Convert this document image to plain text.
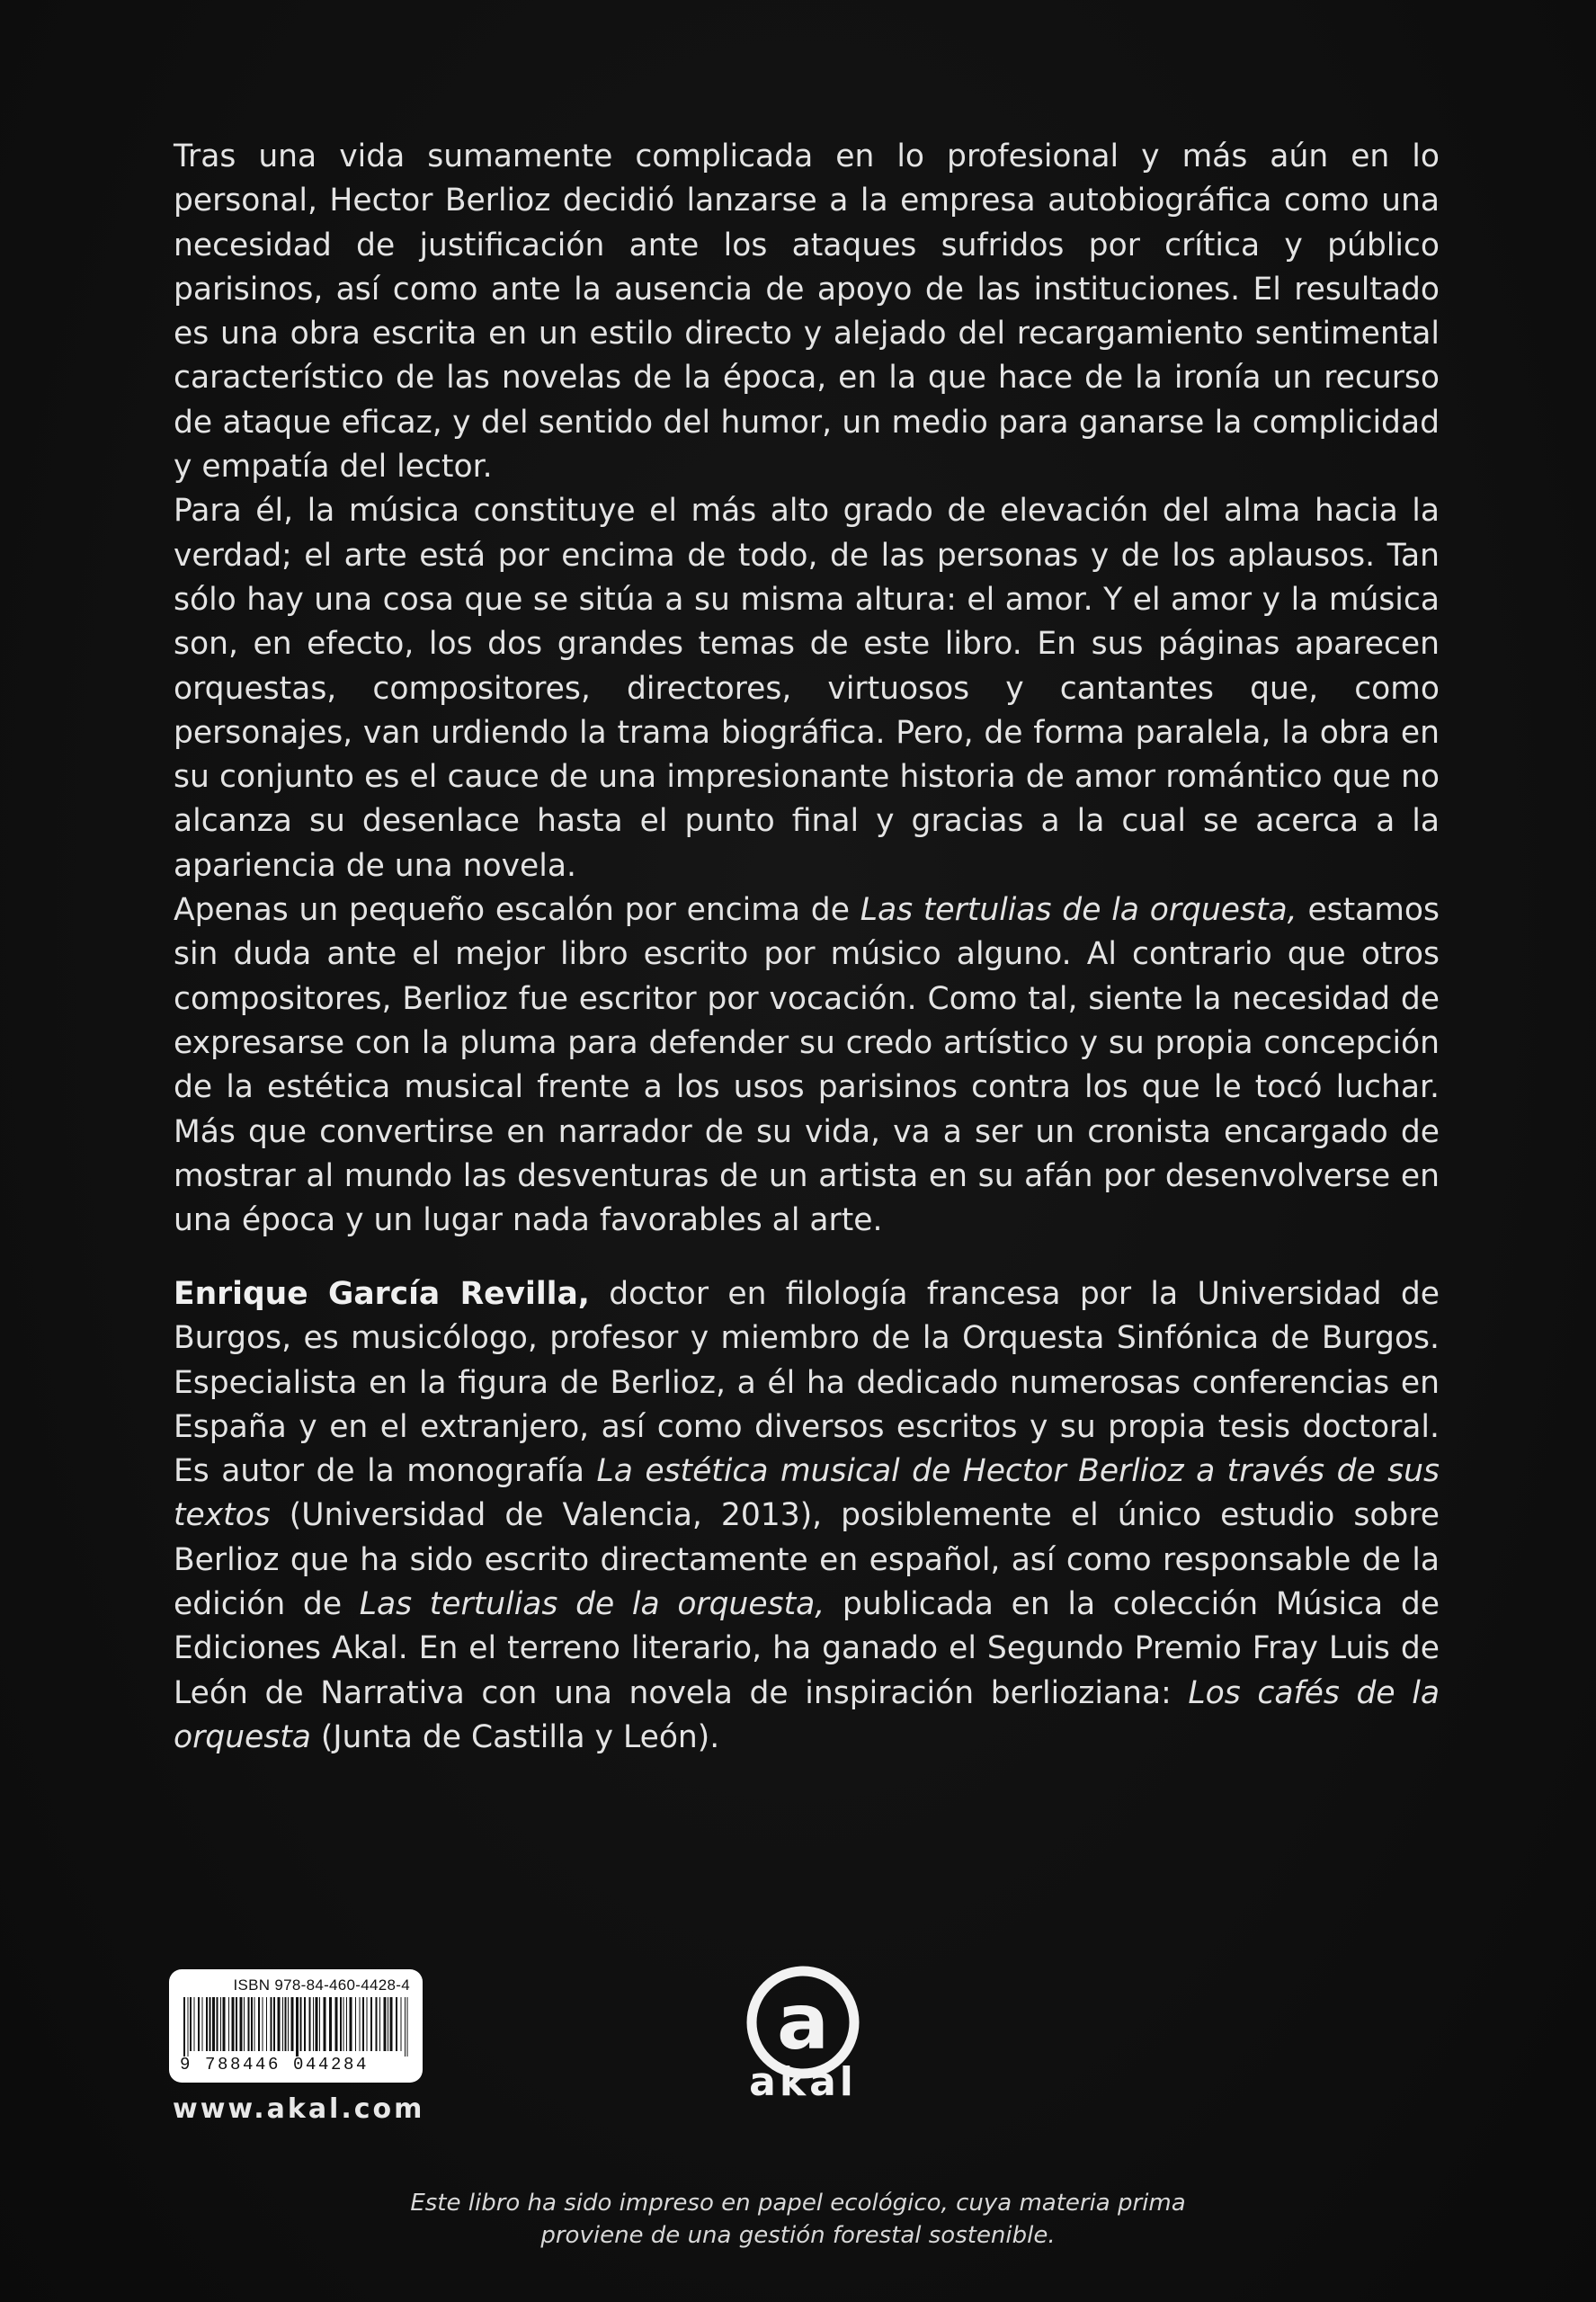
Tras una vida sumamente complicada en lo profesional y más aún en lo personal, Hector Berlioz decidió lanzarse a la empresa autobiográfica como una necesidad de justificación ante los ataques sufridos por crítica y público parisinos, así como ante la ausencia de apoyo de las instituciones. El resultado es una obra escrita en un estilo directo y alejado del recargamiento sentimental característico de las novelas de la época, en la que hace de la ironía un recurso de ataque eficaz, y del sentido del humor, un medio para ganarse la complicidad y empatía del lector.

Para él, la música constituye el más alto grado de elevación del alma hacia la verdad; el arte está por encima de todo, de las personas y de los aplausos. Tan sólo hay una cosa que se sitúa a su misma altura: el amor. Y el amor y la música son, en efecto, los dos grandes temas de este libro. En sus páginas aparecen orquestas, compositores, directores, virtuosos y cantantes que, como personajes, van urdiendo la trama biográfica. Pero, de forma paralela, la obra en su conjunto es el cauce de una impresionante historia de amor romántico que no alcanza su desenlace hasta el punto final y gracias a la cual se acerca a la apariencia de una novela.

Apenas un pequeño escalón por encima de Las tertulias de la orquesta, estamos sin duda ante el mejor libro escrito por músico alguno. Al contrario que otros compositores, Berlioz fue escritor por vocación. Como tal, siente la necesidad de expresarse con la pluma para defender su credo artístico y su propia concepción de la estética musical frente a los usos parisinos contra los que le tocó luchar. Más que convertirse en narrador de su vida, va a ser un cronista encargado de mostrar al mundo las desventuras de un artista en su afán por desenvolverse en una época y un lugar nada favorables al arte.

Enrique García Revilla, doctor en filología francesa por la Universidad de Burgos, es musicólogo, profesor y miembro de la Orquesta Sinfónica de Burgos. Especialista en la figura de Berlioz, a él ha dedicado numerosas conferencias en España y en el extranjero, así como diversos escritos y su propia tesis doctoral. Es autor de la monografía La estética musical de Hector Berlioz a través de sus textos (Universidad de Valencia, 2013), posiblemente el único estudio sobre Berlioz que ha sido escrito directamente en español, así como responsable de la edición de Las tertulias de la orquesta, publicada en la colección Música de Ediciones Akal. En el terreno literario, ha ganado el Segundo Premio Fray Luis de León de Narrativa con una novela de inspiración berlioziana: Los cafés de la orquesta (Junta de Castilla y León).

ISBN 978-84-460-4428-4
9 788446 044284
www.akal.com
a
akal
Este libro ha sido impreso en papel ecológico, cuya materia prima
proviene de una gestión forestal sostenible.
